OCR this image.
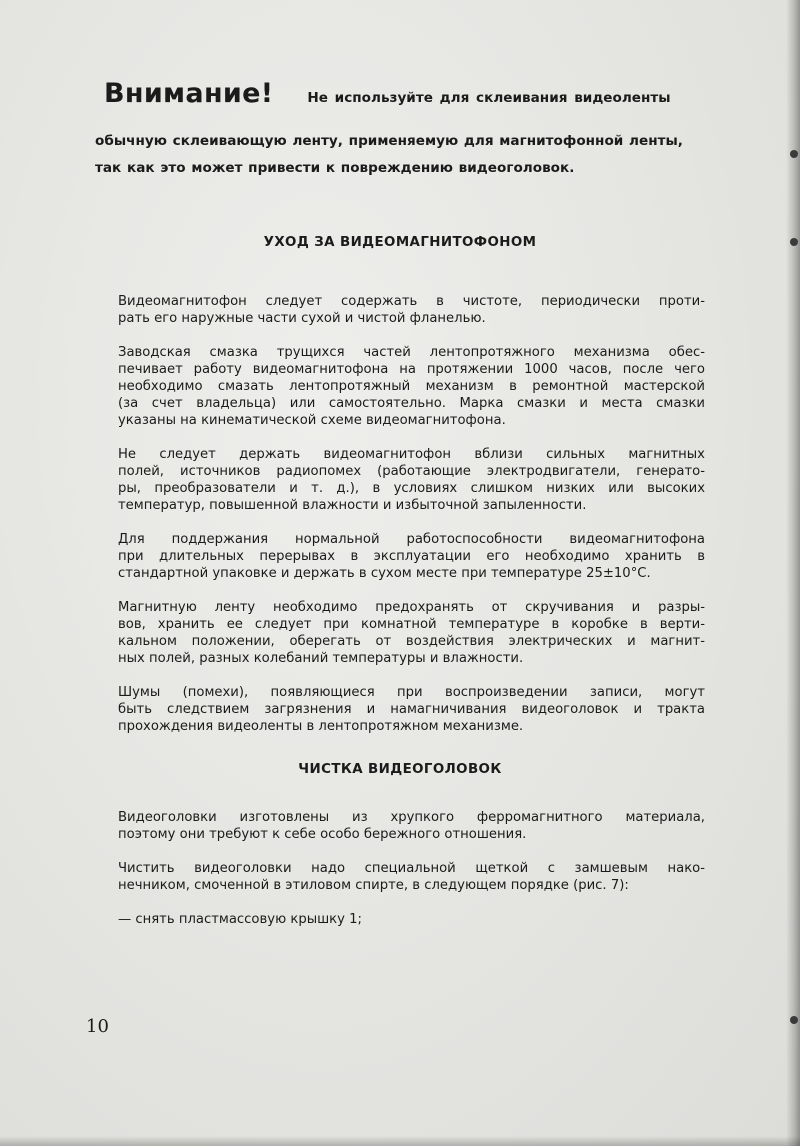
Внимание!	Не используйте для склеивания видеоленты
обычную склеивающую ленту, применяемую для магнитофонной ленты,
так как это может привести к повреждению видеоголовок.
УХОД ЗА ВИДЕОМАГНИТОФОНОМ

Видеомагнитофон следует содержать в чистоте, периодически проти-
рать его наружные части сухой и чистой фланелью.

Заводская смазка трущихся частей лентопротяжного механизма обес-
печивает работу видеомагнитофона на протяжении 1000 часов, после чего
необходимо смазать лентопротяжный механизм в ремонтной мастерской
(за счет владельца) или самостоятельно. Марка смазки и места смазки
указаны на кинематической схеме видеомагнитофона.

Не следует держать видеомагнитофон вблизи сильных магнитных
полей, источников радиопомех (работающие электродвигатели, генерато-
ры, преобразователи и т. д.), в условиях слишком низких или высоких
температур, повышенной влажности и избыточной запыленности.

Для поддержания нормальной работоспособности видеомагнитофона
при длительных перерывах в эксплуатации его необходимо хранить в
стандартной упаковке и держать в сухом месте при температуре 25±10°С.

Магнитную ленту необходимо предохранять от скручивания и разры-
вов, хранить ее следует при комнатной температуре в коробке в верти-
кальном положении, оберегать от воздействия электрических и магнит-
ных полей, разных колебаний температуры и влажности.

Шумы (помехи), появляющиеся при воспроизведении записи, могут
быть следствием загрязнения и намагничивания видеоголовок и тракта
прохождения видеоленты в лентопротяжном механизме.

ЧИСТКА ВИДЕОГОЛОВОК

Видеоголовки изготовлены из хрупкого ферромагнитного материала,
поэтому они требуют к себе особо бережного отношения.

Чистить видеоголовки надо специальной щеткой с замшевым нако-
нечником, смоченной в этиловом спирте, в следующем порядке (рис. 7):

— снять пластмассовую крышку 1;

10
